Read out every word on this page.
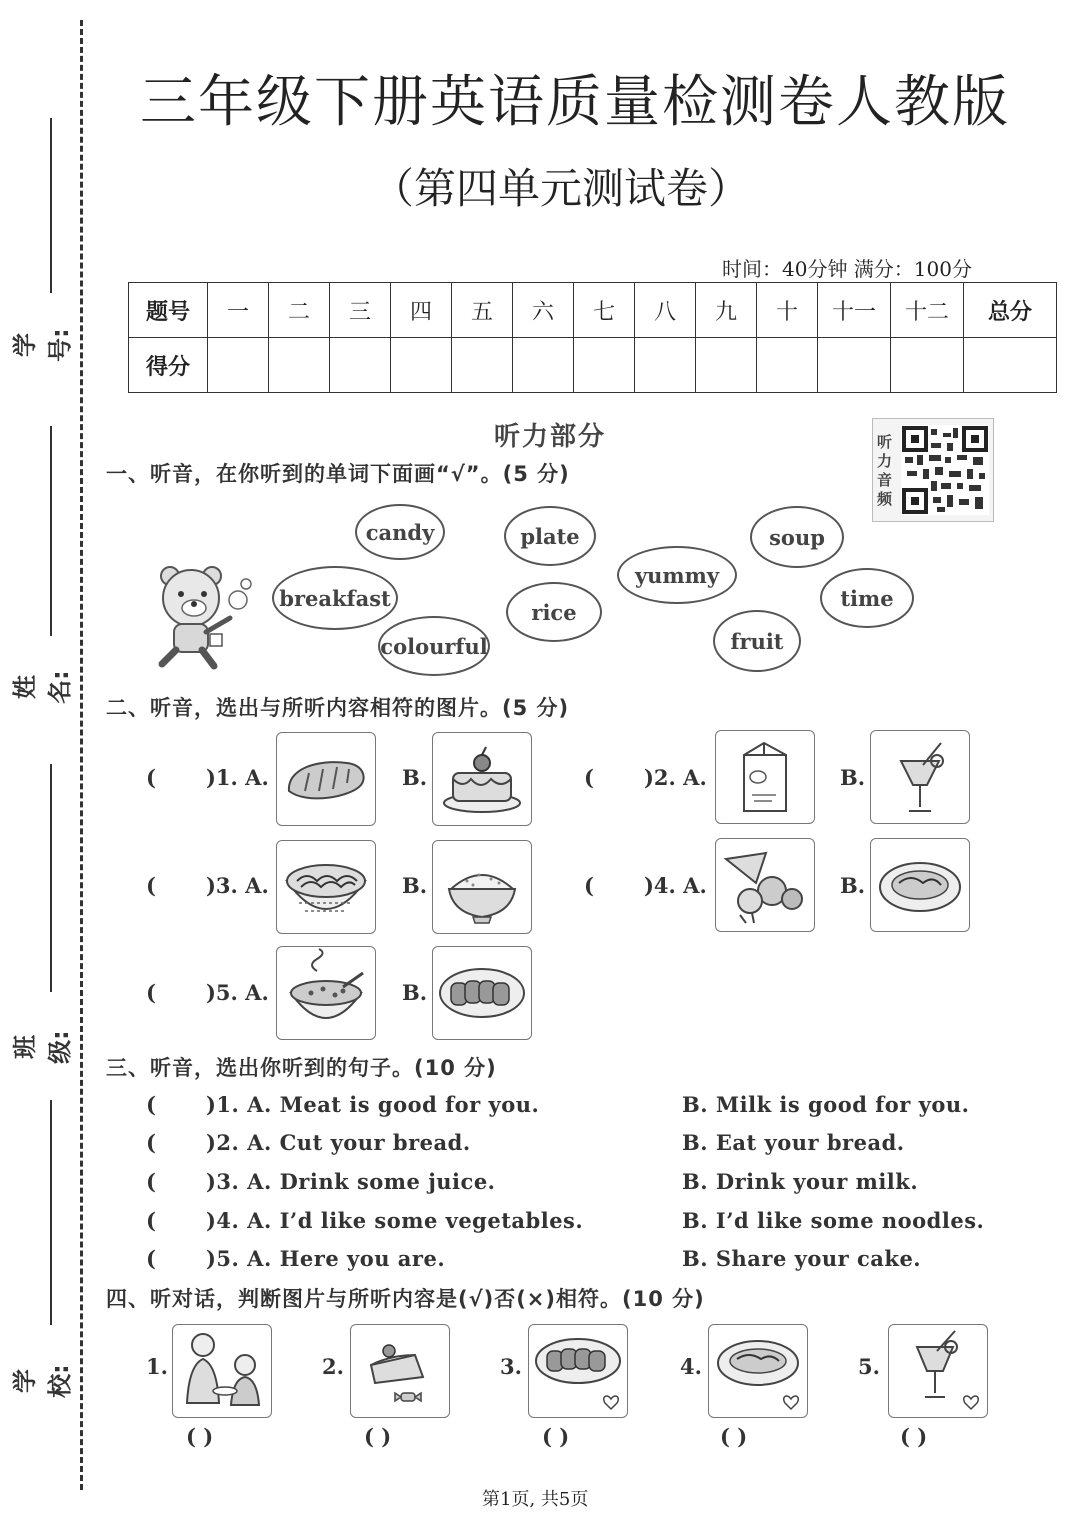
学号:
姓名:
班级:
学校:
三年级下册英语质量检测卷人教版
（第四单元测试卷）
时间：40分钟 满分：100分
题号	一	二	三	四	五	六	七	八	九	十	十一	十二	总分
得分													
听力部分	听力音频
一、听音，在你听到的单词下面画“√”。(5 分)
candy	plate	soup
yummy
breakfast
rice
time
colourful	fruit
二、听音，选出与所听内容相符的图片。(5 分)
( )1. A.	B.	( )2. A.	B.
( )3. A.	B.	( )4. A.	B.
( )5. A.	B.
三、听音，选出你听到的句子。(10 分)
( )1. A. Meat is good for you.	B. Milk is good for you.
( )2. A. Cut your bread.	B. Eat your bread.
( )3. A. Drink some juice.	B. Drink your milk.
( )4. A. I’d like some vegetables.	B. I’d like some noodles.
( )5. A. Here you are.	B. Share your cake.
四、听对话，判断图片与所听内容是(√)否(×)相符。(10 分)
1.
( )
2.
( )
3.
( )
4.
( )
5.
( )
第1页, 共5页
